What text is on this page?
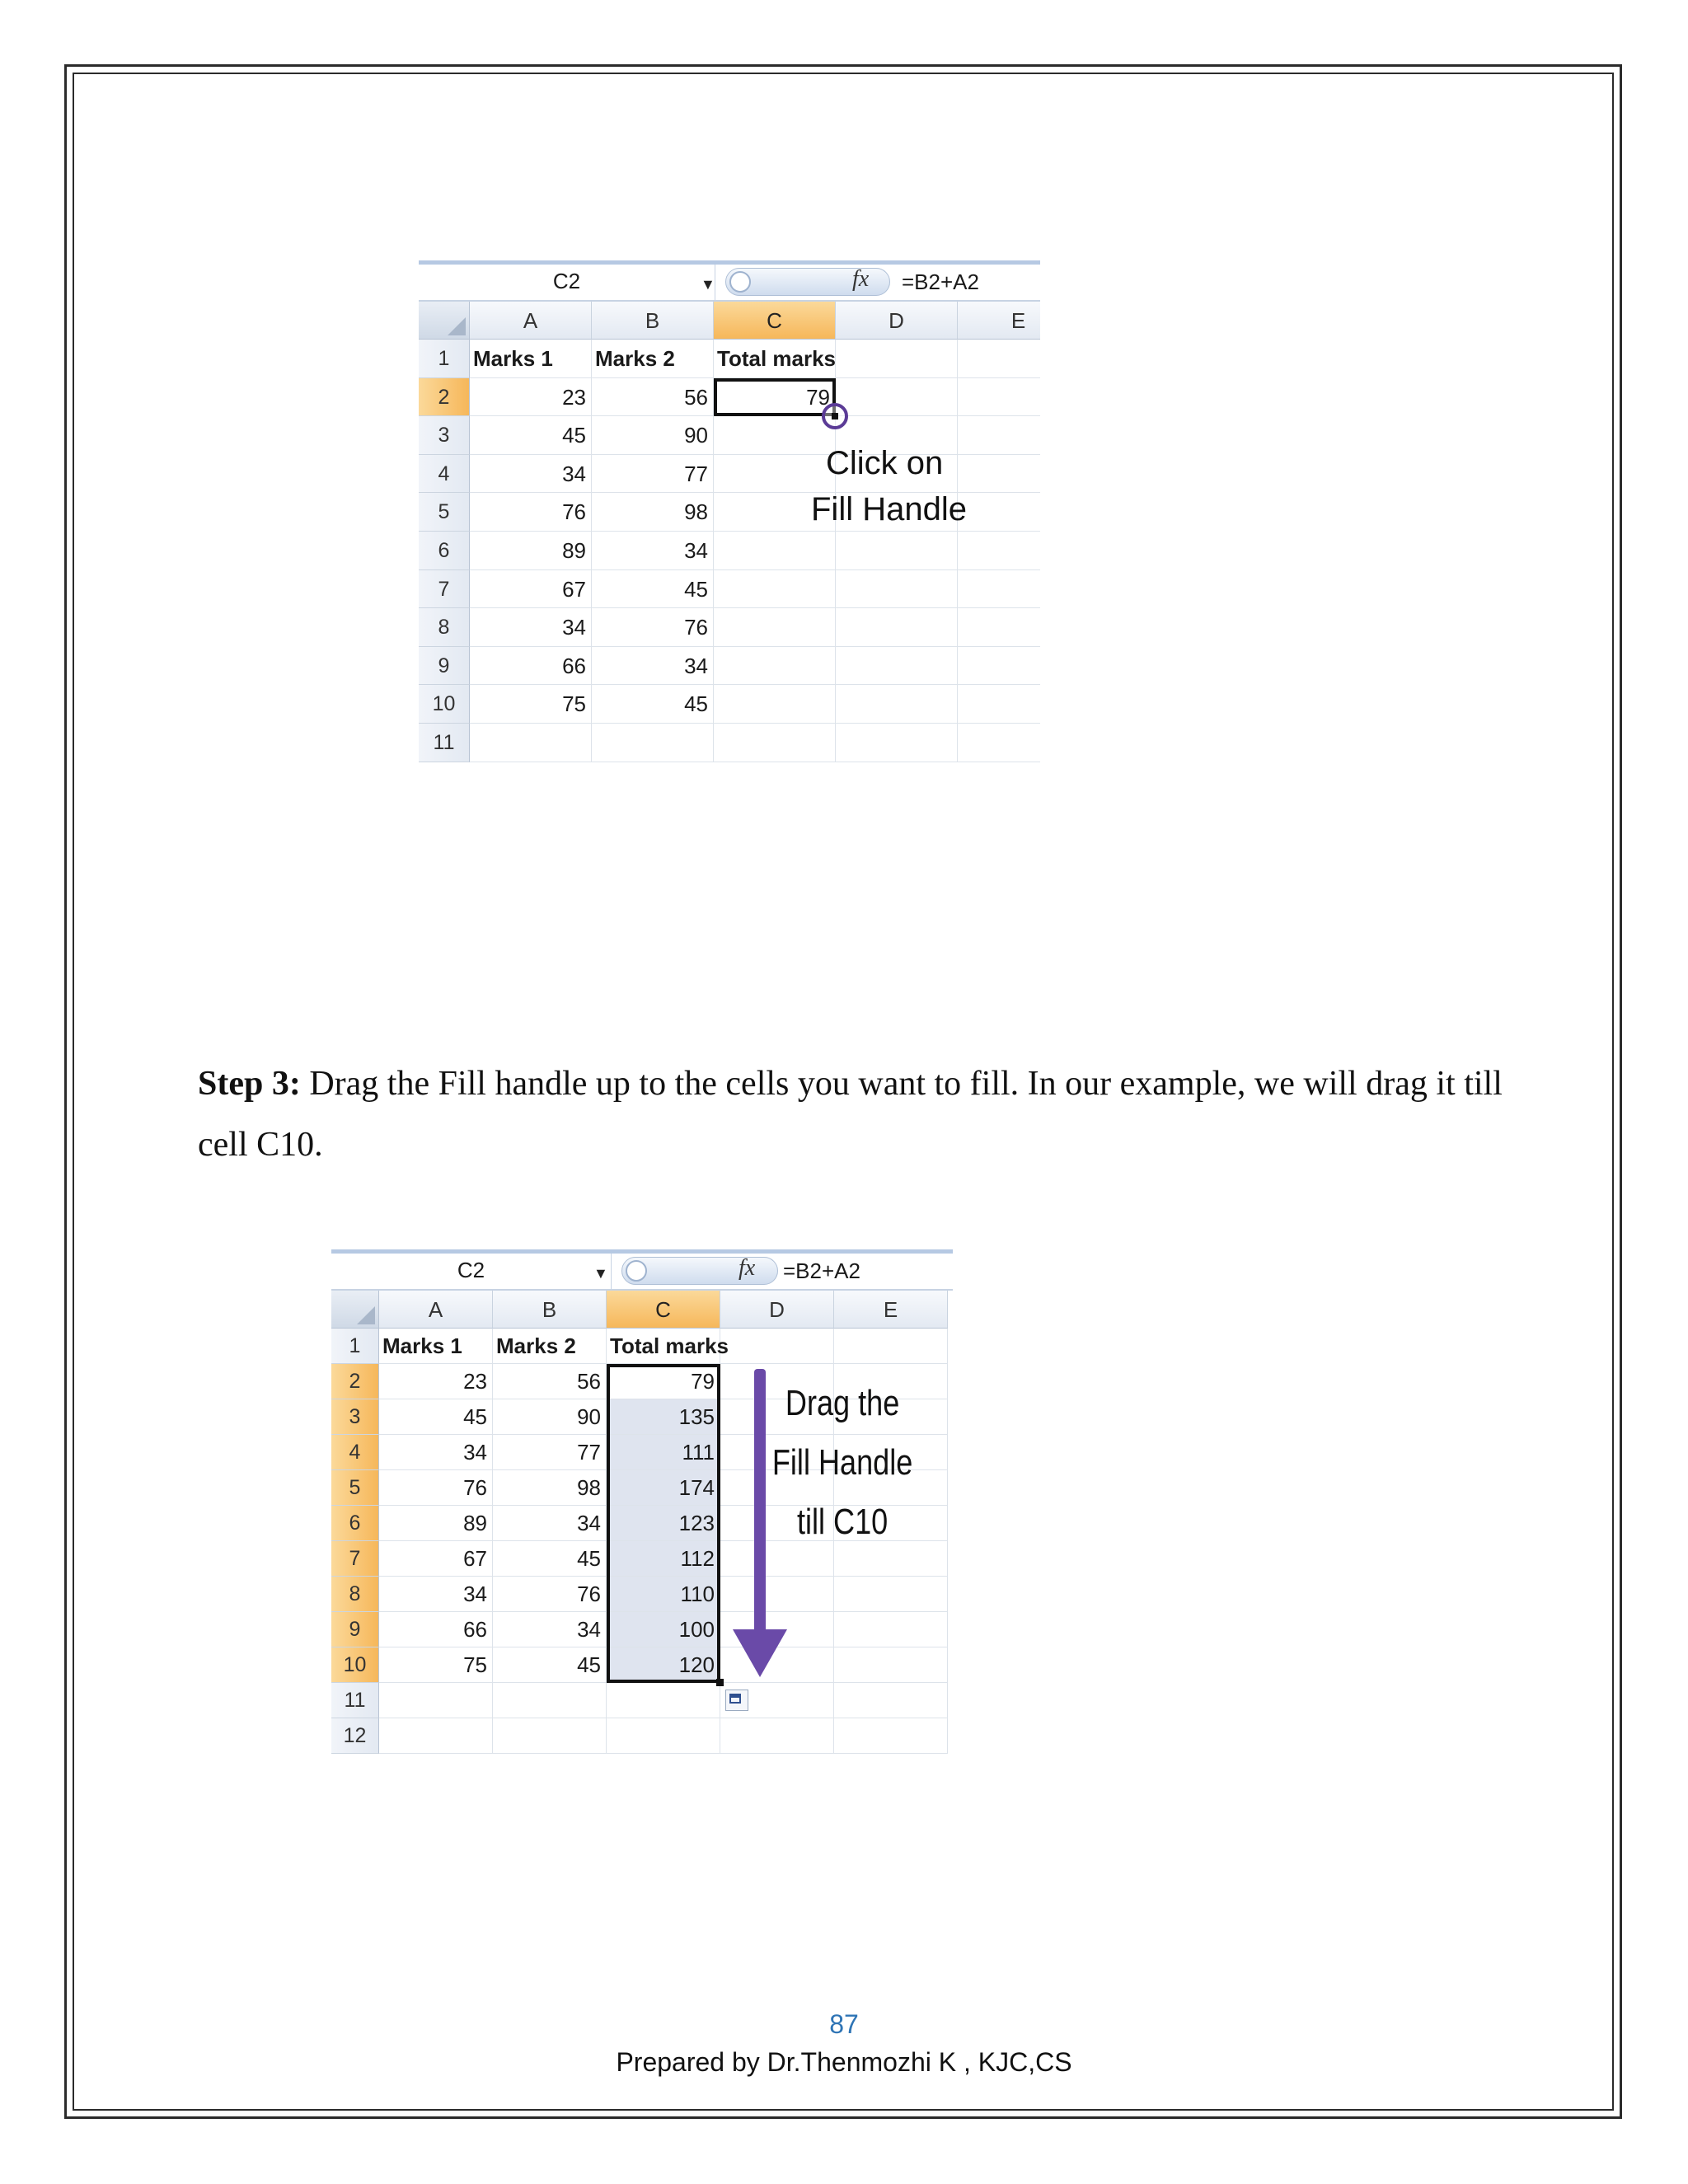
C2	▼	fx =B2+A2
A	B	C	D	E
1	Marks 1	Marks 2	Total marks
2	23	56	79
3	45	90
4	34	77
5	76	98
6	89	34
7	67	45
8	34	76
9	66	34
10	75	45
11
Click on
Fill Handle
C2	▼	fx =B2+A2
A	B	C	D	E
1	Marks 1	Marks 2	Total marks
2	23	56	79
3	45	90	135
4	34	77	111
5	76	98	174
6	89	34	123
7	67	45	112
8	34	76	110
9	66	34	100
10	75	45	120
11
12
Drag the
Fill Handle
till C10
Step 3: Drag the Fill handle up to the cells you want to fill. In our example, we will drag it till cell C10.
87
Prepared by Dr.Thenmozhi K , KJC,CS
